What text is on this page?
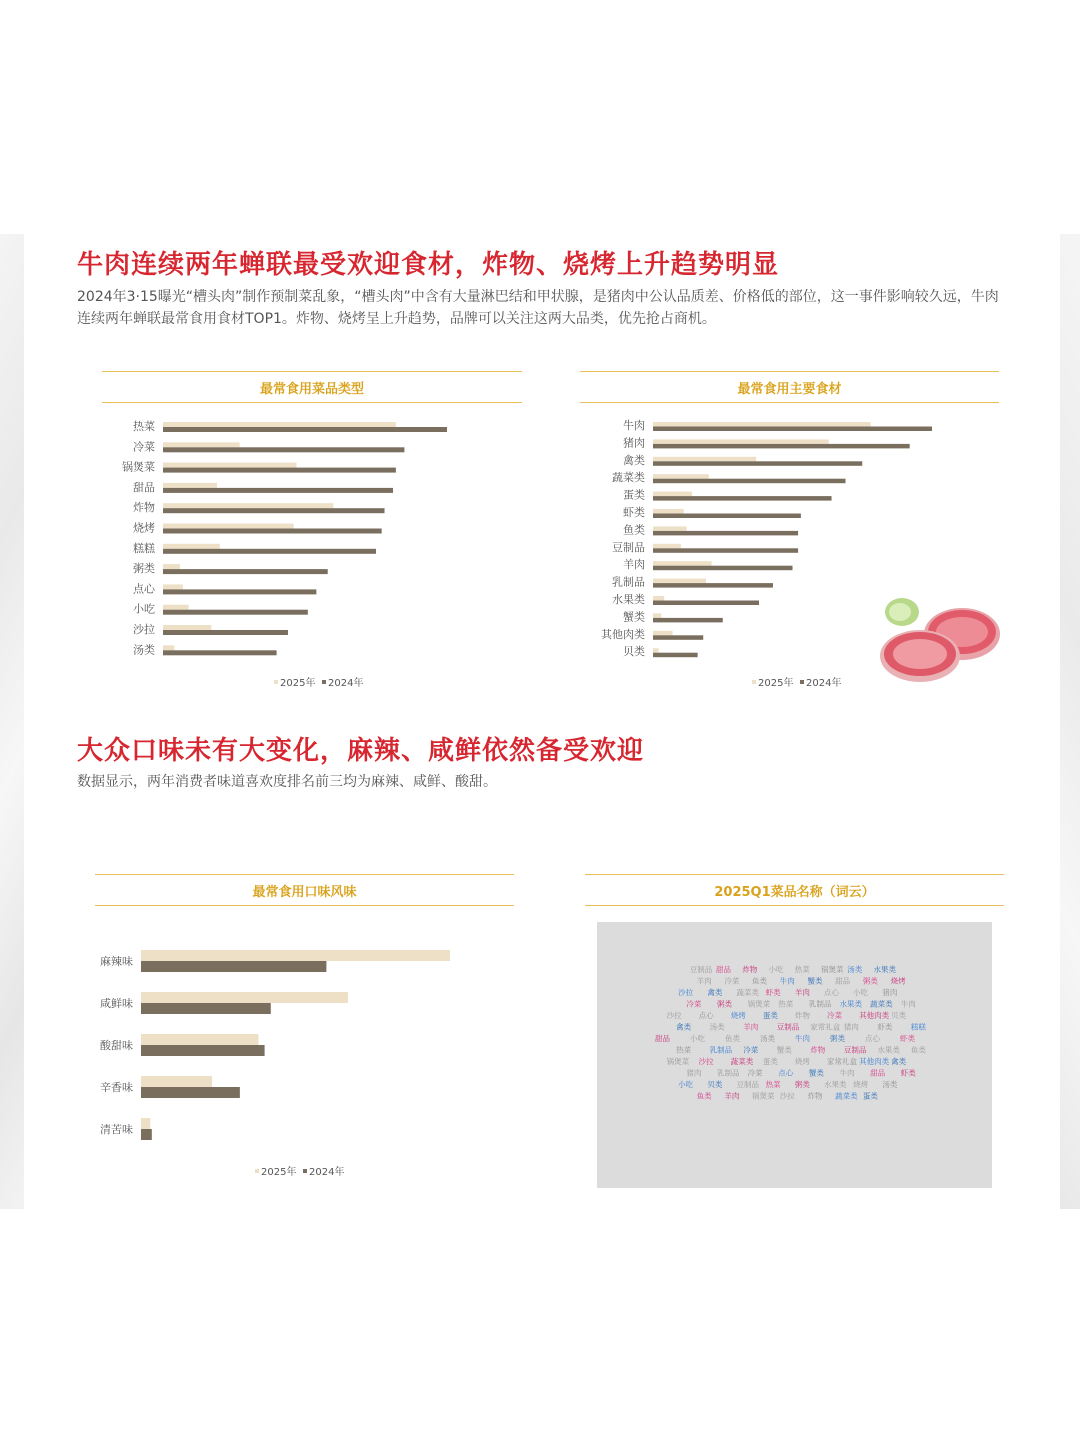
牛肉连续两年蝉联最受欢迎食材，炸物、烧烤上升趋势明显

2024年3·15曝光“槽头肉”制作预制菜乱象，“槽头肉”中含有大量淋巴结和甲状腺，是猪肉中公认品质差、价格低的部位，这一事件影响较久远，牛肉连续两年蝉联最常食用食材TOP1。炸物、烧烤呈上升趋势，品牌可以关注这两大品类，优先抢占商机。

最常食用菜品类型
热菜
冷菜
锅煲菜
甜品
炸物
烧烤
糕糕
粥类
点心
小吃
沙拉
汤类
2025年 2024年
最常食用主要食材
牛肉
猪肉
禽类
蔬菜类
蛋类
虾类
鱼类
豆制品
羊肉
乳制品
水果类
蟹类
其他肉类
贝类
2025年 2024年
大众口味未有大变化，麻辣、咸鲜依然备受欢迎

数据显示，两年消费者味道喜欢度排名前三均为麻辣、咸鲜、酸甜。

最常食用口味风味
麻辣味
咸鲜味
酸甜味
辛香味
清苦味
2025年 2024年
2025Q1菜品名称（词云）
豆制品 甜品 炸物 小吃 热菜 锅煲菜 汤类 水果类
羊肉 冷菜 鱼类 牛肉 蟹类 甜品 粥类 烧烤
沙拉 禽类 蔬菜类 虾类 羊肉 点心 小吃 猪肉
冷菜 粥类 锅煲菜 热菜 乳制品 水果类 蔬菜类 牛肉
沙拉 点心 烧烤 蛋类 炸物 冷菜 其他肉类 贝类
禽类 汤类 羊肉 豆制品 家常礼盒 猪肉 虾类 糕糕
甜品	小吃	鱼类	汤类	牛肉	粥类	点心	虾类
热菜 乳制品 冷菜 蟹类 炸物 豆制品 水果类 鱼类
锅煲菜 沙拉 蔬菜类 蛋类 烧烤 家常礼盒 其他肉类 禽类
猪肉 乳制品 冷菜 点心 蟹类 牛肉 甜品 虾类
小吃 贝类 豆制品 热菜 粥类 水果类 烧烤 汤类
鱼类 羊肉 锅煲菜 沙拉 炸物 蔬菜类 蛋类
